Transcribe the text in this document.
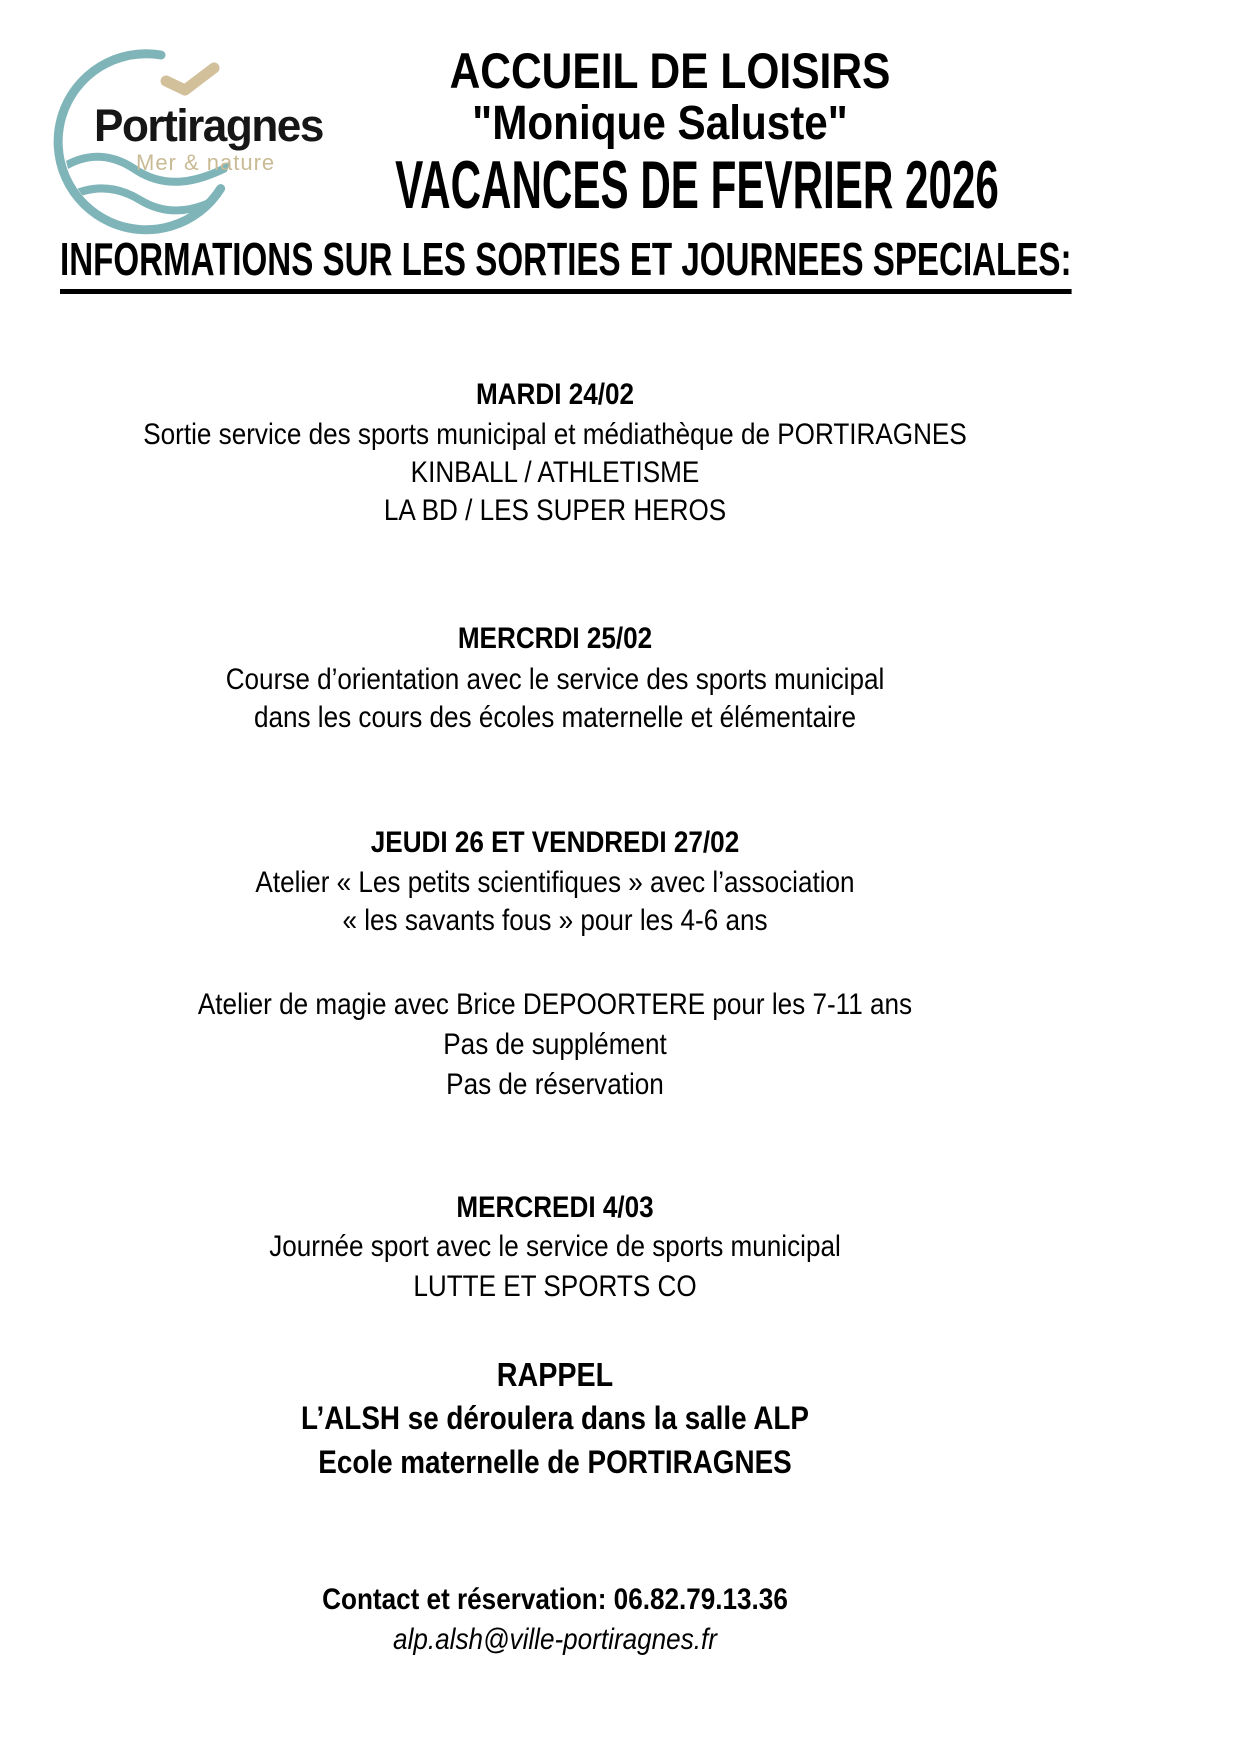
Portiragnes
Mer & nature
ACCUEIL DE LOISIRS
"Monique Saluste"
VACANCES DE FEVRIER 2026
INFORMATIONS SUR LES SORTIES ET JOURNEES SPECIALES:
MARDI 24/02
Sortie service des sports municipal et médiathèque de PORTIRAGNES
KINBALL / ATHLETISME
LA BD / LES SUPER HEROS
MERCRDI 25/02
Course d’orientation avec le service des sports municipal
dans les cours des écoles maternelle et élémentaire
JEUDI 26 ET VENDREDI 27/02
Atelier « Les petits scientifiques » avec l’association
« les savants fous » pour les 4-6 ans
Atelier de magie avec Brice DEPOORTERE pour les 7-11 ans
Pas de supplément
Pas de réservation
MERCREDI 4/03
Journée sport avec le service de sports municipal
LUTTE ET SPORTS CO
RAPPEL
L’ALSH se déroulera dans la salle ALP
Ecole maternelle de PORTIRAGNES
Contact et réservation: 06.82.79.13.36
alp.alsh@ville-portiragnes.fr
